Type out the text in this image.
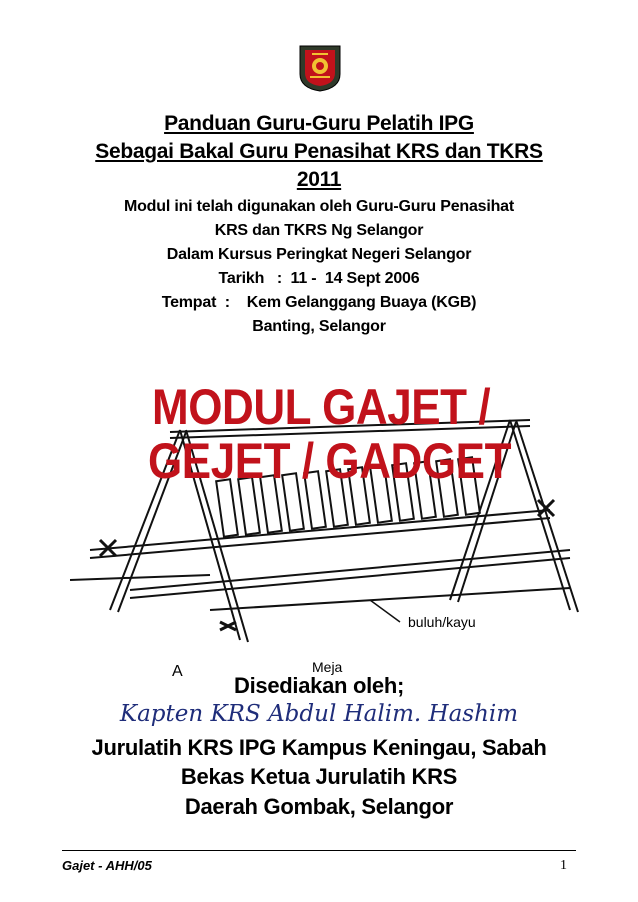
Panduan Guru-Guru Pelatih IPG
Sebagai Bakal Guru Penasihat KRS dan TKRS
2011
Modul ini telah digunakan oleh Guru-Guru Penasihat
KRS dan TKRS Ng Selangor
Dalam Kursus Peringkat Negeri Selangor
Tarikh   :  11 -  14 Sept 2006
Tempat  :    Kem Gelanggang Buaya (KGB)
Banting, Selangor
buluh/kayu
Meja
A
MODUL GAJET /
GEJET / GADGET
Disediakan oleh;
Kapten KRS Abdul Halim. Hashim
Jurulatih KRS IPG Kampus Keningau, Sabah
Bekas Ketua Jurulatih KRS
Daerah Gombak, Selangor
Gajet - AHH/05	1
